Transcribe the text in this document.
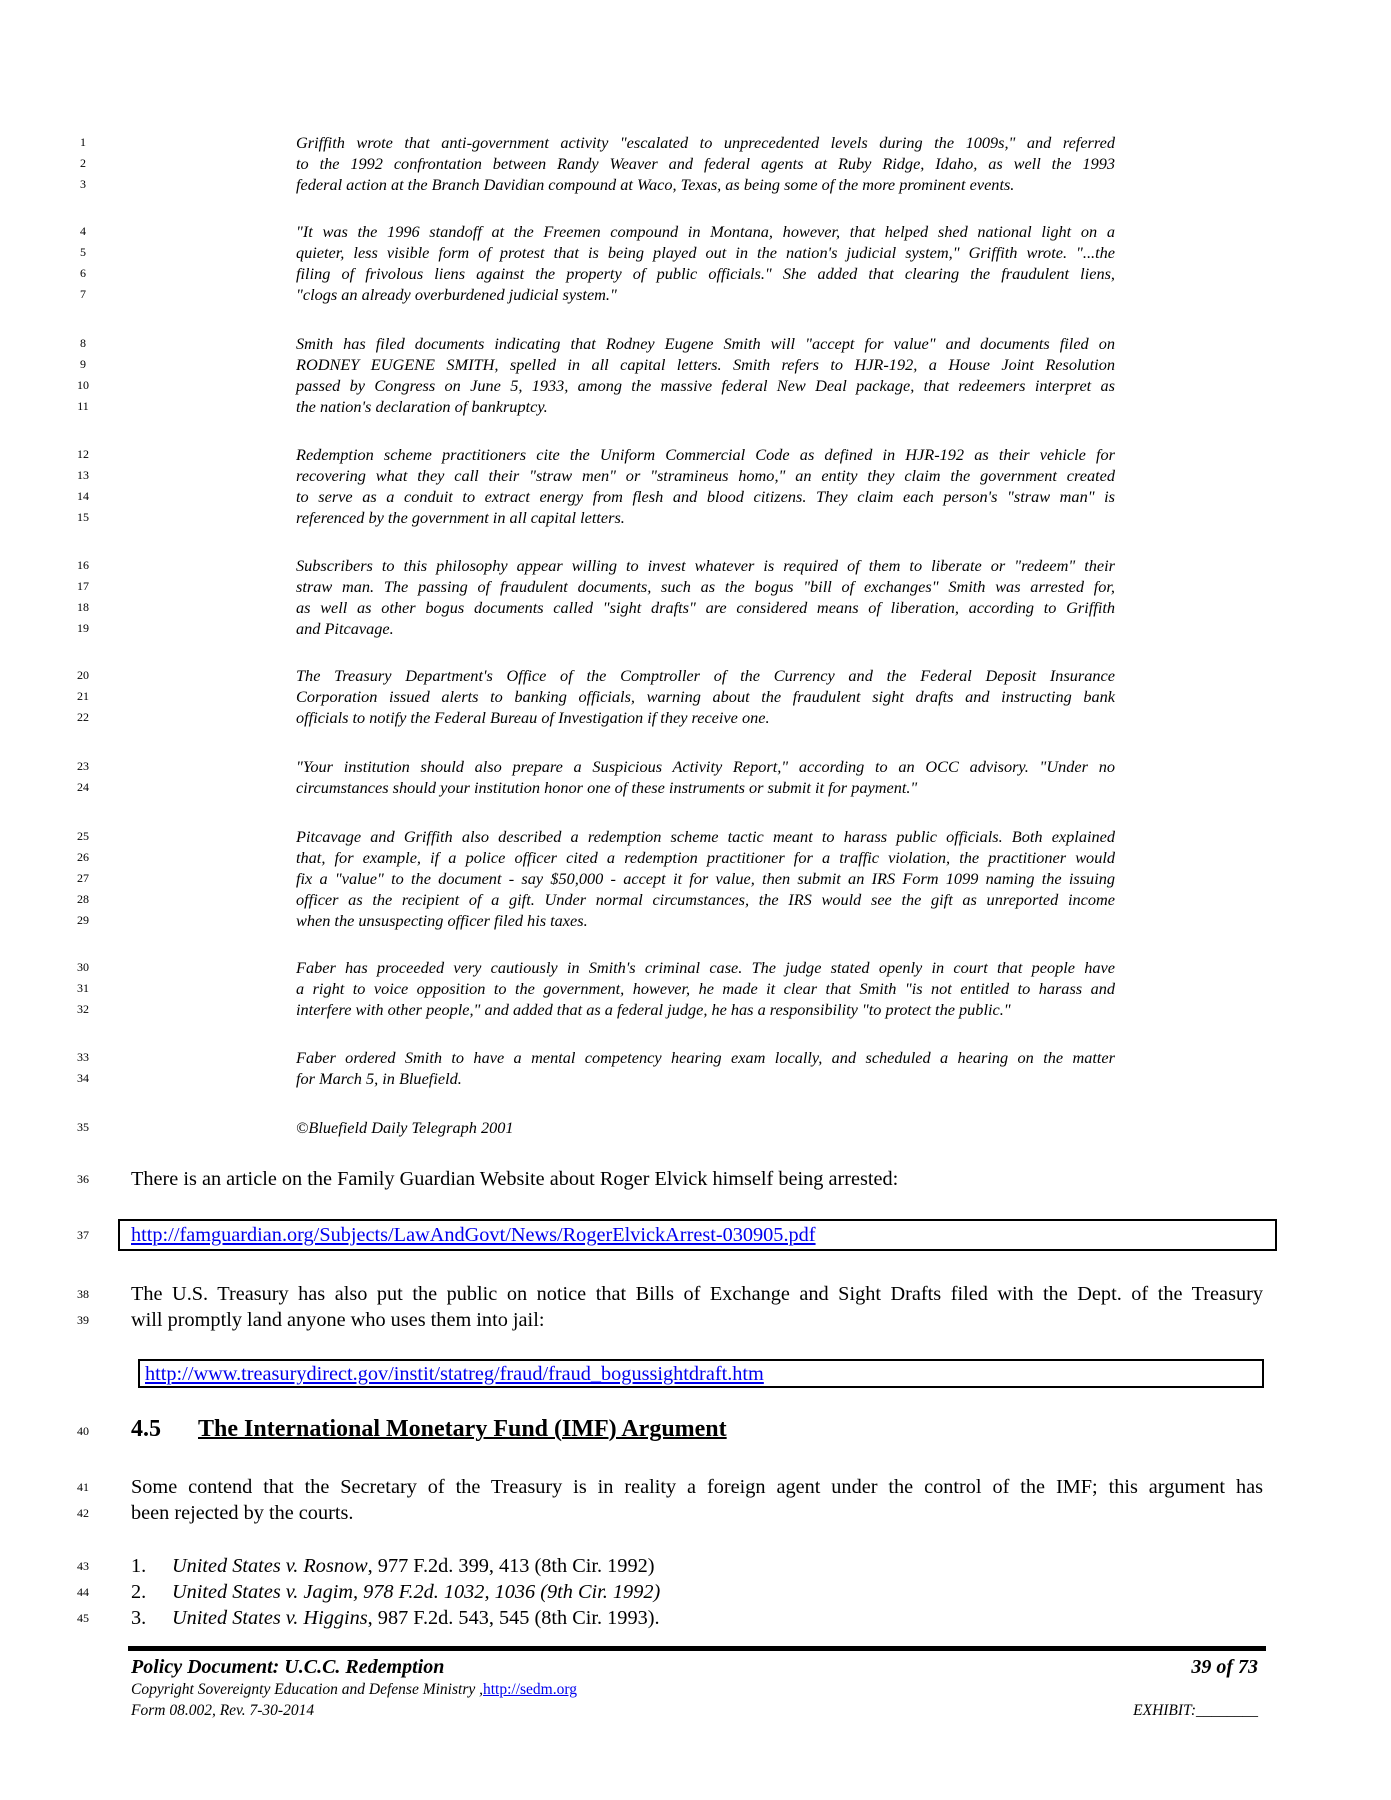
1	Griffith wrote that anti-government activity "escalated to unprecedented levels during the 1009s," and referred
2	to the 1992 confrontation between Randy Weaver and federal agents at Ruby Ridge, Idaho, as well the 1993
3	federal action at the Branch Davidian compound at Waco, Texas, as being some of the more prominent events.
4	"It was the 1996 standoff at the Freemen compound in Montana, however, that helped shed national light on a
5	quieter, less visible form of protest that is being played out in the nation's judicial system," Griffith wrote. "...the
6	filing of frivolous liens against the property of public officials." She added that clearing the fraudulent liens,
7	"clogs an already overburdened judicial system."
8	Smith has filed documents indicating that Rodney Eugene Smith will "accept for value" and documents filed on
9	RODNEY EUGENE SMITH, spelled in all capital letters. Smith refers to HJR-192, a House Joint Resolution
10	passed by Congress on June 5, 1933, among the massive federal New Deal package, that redeemers interpret as
11	the nation's declaration of bankruptcy.
12	Redemption scheme practitioners cite the Uniform Commercial Code as defined in HJR-192 as their vehicle for
13	recovering what they call their "straw men" or "stramineus homo," an entity they claim the government created
14	to serve as a conduit to extract energy from flesh and blood citizens. They claim each person's "straw man" is
15	referenced by the government in all capital letters.
16	Subscribers to this philosophy appear willing to invest whatever is required of them to liberate or "redeem" their
17	straw man. The passing of fraudulent documents, such as the bogus "bill of exchanges" Smith was arrested for,
18	as well as other bogus documents called "sight drafts" are considered means of liberation, according to Griffith
19	and Pitcavage.
20	The Treasury Department's Office of the Comptroller of the Currency and the Federal Deposit Insurance
21	Corporation issued alerts to banking officials, warning about the fraudulent sight drafts and instructing bank
22	officials to notify the Federal Bureau of Investigation if they receive one.
23	"Your institution should also prepare a Suspicious Activity Report," according to an OCC advisory. "Under no
24	circumstances should your institution honor one of these instruments or submit it for payment."
25	Pitcavage and Griffith also described a redemption scheme tactic meant to harass public officials. Both explained
26	that, for example, if a police officer cited a redemption practitioner for a traffic violation, the practitioner would
27	fix a "value" to the document - say $50,000 - accept it for value, then submit an IRS Form 1099 naming the issuing
28	officer as the recipient of a gift. Under normal circumstances, the IRS would see the gift as unreported income
29	when the unsuspecting officer filed his taxes.
30	Faber has proceeded very cautiously in Smith's criminal case. The judge stated openly in court that people have
31	a right to voice opposition to the government, however, he made it clear that Smith "is not entitled to harass and
32	interfere with other people," and added that as a federal judge, he has a responsibility "to protect the public."
33	Faber ordered Smith to have a mental competency hearing exam locally, and scheduled a hearing on the matter
34	for March 5, in Bluefield.
35	©Bluefield Daily Telegraph 2001
36	There is an article on the Family Guardian Website about Roger Elvick himself being arrested:
37	http://famguardian.org/Subjects/LawAndGovt/News/RogerElvickArrest-030905.pdf
38	The U.S. Treasury has also put the public on notice that Bills of Exchange and Sight Drafts filed with the Dept. of the Treasury
39	will promptly land anyone who uses them into jail:
http://www.treasurydirect.gov/instit/statreg/fraud/fraud_bogussightdraft.htm
40 4.5 The International Monetary Fund (IMF) Argument
41	Some contend that the Secretary of the Treasury is in reality a foreign agent under the control of the IMF; this argument has
42	been rejected by the courts.
43	1. United States v. Rosnow, 977 F.2d. 399, 413 (8th Cir. 1992)
44	2. United States v. Jagim, 978 F.2d. 1032, 1036 (9th Cir. 1992)
45	3. United States v. Higgins, 987 F.2d. 543, 545 (8th Cir. 1993).
Policy Document: U.C.C. Redemption	39 of 73
Copyright Sovereignty Education and Defense Ministry ,http://sedm.org
Form 08.002, Rev. 7-30-2014	EXHIBIT:________
